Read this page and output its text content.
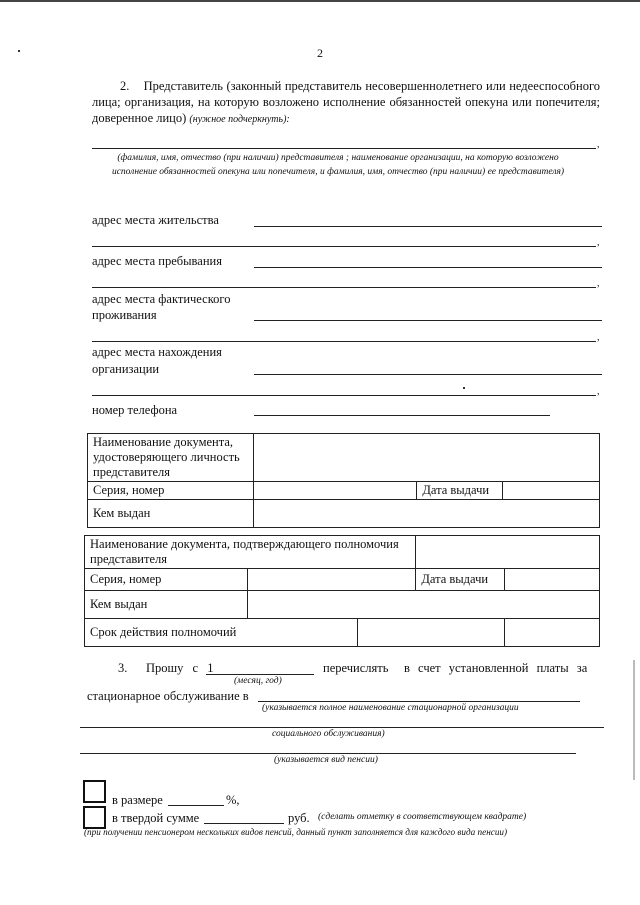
2
2. Представитель (законный представитель несовершеннолетнего или недееспособного лица; организация, на которую возложено исполнение обязанностей опекуна или попечителя; доверенное лицо) (нужное подчеркнуть):
,
(фамилия, имя, отчество (при наличии) представителя ; наименование организации, на которую возложено исполнение обязанностей опекуна или попечителя, и фамилия, имя, отчество (при наличии) ее представителя)
адрес места жительства
,
адрес места пребывания
,
адрес места фактического
проживания
,
адрес места нахождения
организации
,
номер телефона
Наименование документа, удостоверяющего личность представителя			
Серия, номер		Дата выдачи	
Кем выдан			
Наименование документа, подтверждающего полномочия представителя				
Серия, номер			Дата выдачи	
Кем выдан				
Срок действия полномочий				
3. Прошу с 1	перечислять в счет установленной платы за
(месяц, год)
стационарное обслуживание в
(указывается полное наименование стационарной организации
социального обслуживания)
(указывается вид пенсии)
в размере	%,
в твердой сумме	руб. (сделать отметку в соответствующем квадрате)
(при получении пенсионером нескольких видов пенсий, данный пункт заполняется для каждого вида пенсии)
